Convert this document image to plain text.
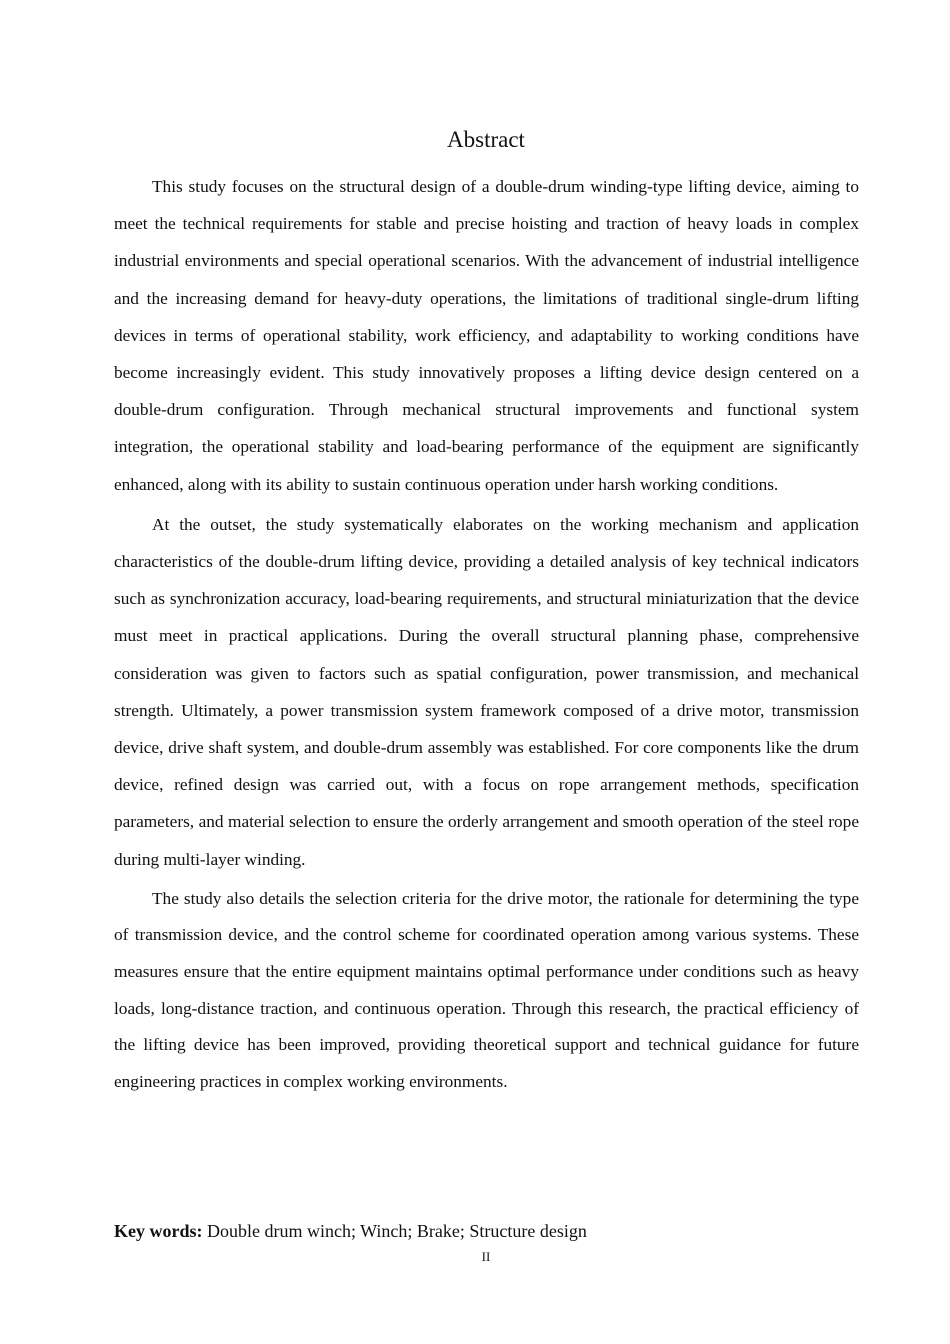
Abstract

This study focuses on the structural design of a double-drum winding-type lifting device, aiming to meet the technical requirements for stable and precise hoisting and traction of heavy loads in complex industrial environments and special operational scenarios. With the advancement of industrial intelligence and the increasing demand for heavy-duty operations, the limitations of traditional single-drum lifting devices in terms of operational stability, work efficiency, and adaptability to working conditions have become increasingly evident. This study innovatively proposes a lifting device design centered on a double-drum configuration. Through mechanical structural improvements and functional system integration, the operational stability and load-bearing performance of the equipment are significantly enhanced, along with its ability to sustain continuous operation under harsh working conditions.

At the outset, the study systematically elaborates on the working mechanism and application characteristics of the double-drum lifting device, providing a detailed analysis of key technical indicators such as synchronization accuracy, load-bearing requirements, and structural miniaturization that the device must meet in practical applications. During the overall structural planning phase, comprehensive consideration was given to factors such as spatial configuration, power transmission, and mechanical strength. Ultimately, a power transmission system framework composed of a drive motor, transmission device, drive shaft system, and double-drum assembly was established. For core components like the drum device, refined design was carried out, with a focus on rope arrangement methods, specification parameters, and material selection to ensure the orderly arrangement and smooth operation of the steel rope during multi-layer winding.

The study also details the selection criteria for the drive motor, the rationale for determining the type of transmission device, and the control scheme for coordinated operation among various systems. These measures ensure that the entire equipment maintains optimal performance under conditions such as heavy loads, long-distance traction, and continuous operation. Through this research, the practical efficiency of the lifting device has been improved, providing theoretical support and technical guidance for future engineering practices in complex working environments.

Key words: Double drum winch; Winch; Brake; Structure design
II
